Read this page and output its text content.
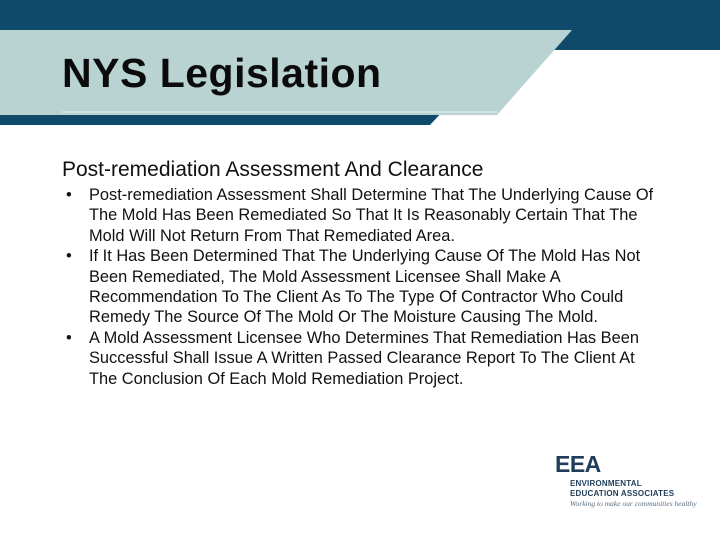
NYS Legislation

Post-remediation Assessment And Clearance

• Post-remediation Assessment Shall Determine That The Underlying Cause Of The Mold Has Been Remediated So That It Is Reasonably Certain That The Mold Will Not Return From That Remediated Area.
• If It Has Been Determined That The Underlying Cause Of The Mold Has Not Been Remediated, The Mold Assessment Licensee Shall Make A Recommendation To The Client As To The Type Of Contractor Who Could Remedy The Source Of The Mold Or The Moisture Causing The Mold.
• A Mold Assessment Licensee Who Determines That Remediation Has Been Successful Shall Issue A Written Passed Clearance Report To The Client At The Conclusion Of Each Mold Remediation Project.
EEA
ENVIRONMENTAL
EDUCATION ASSOCIATES
Working to make our communities healthy
